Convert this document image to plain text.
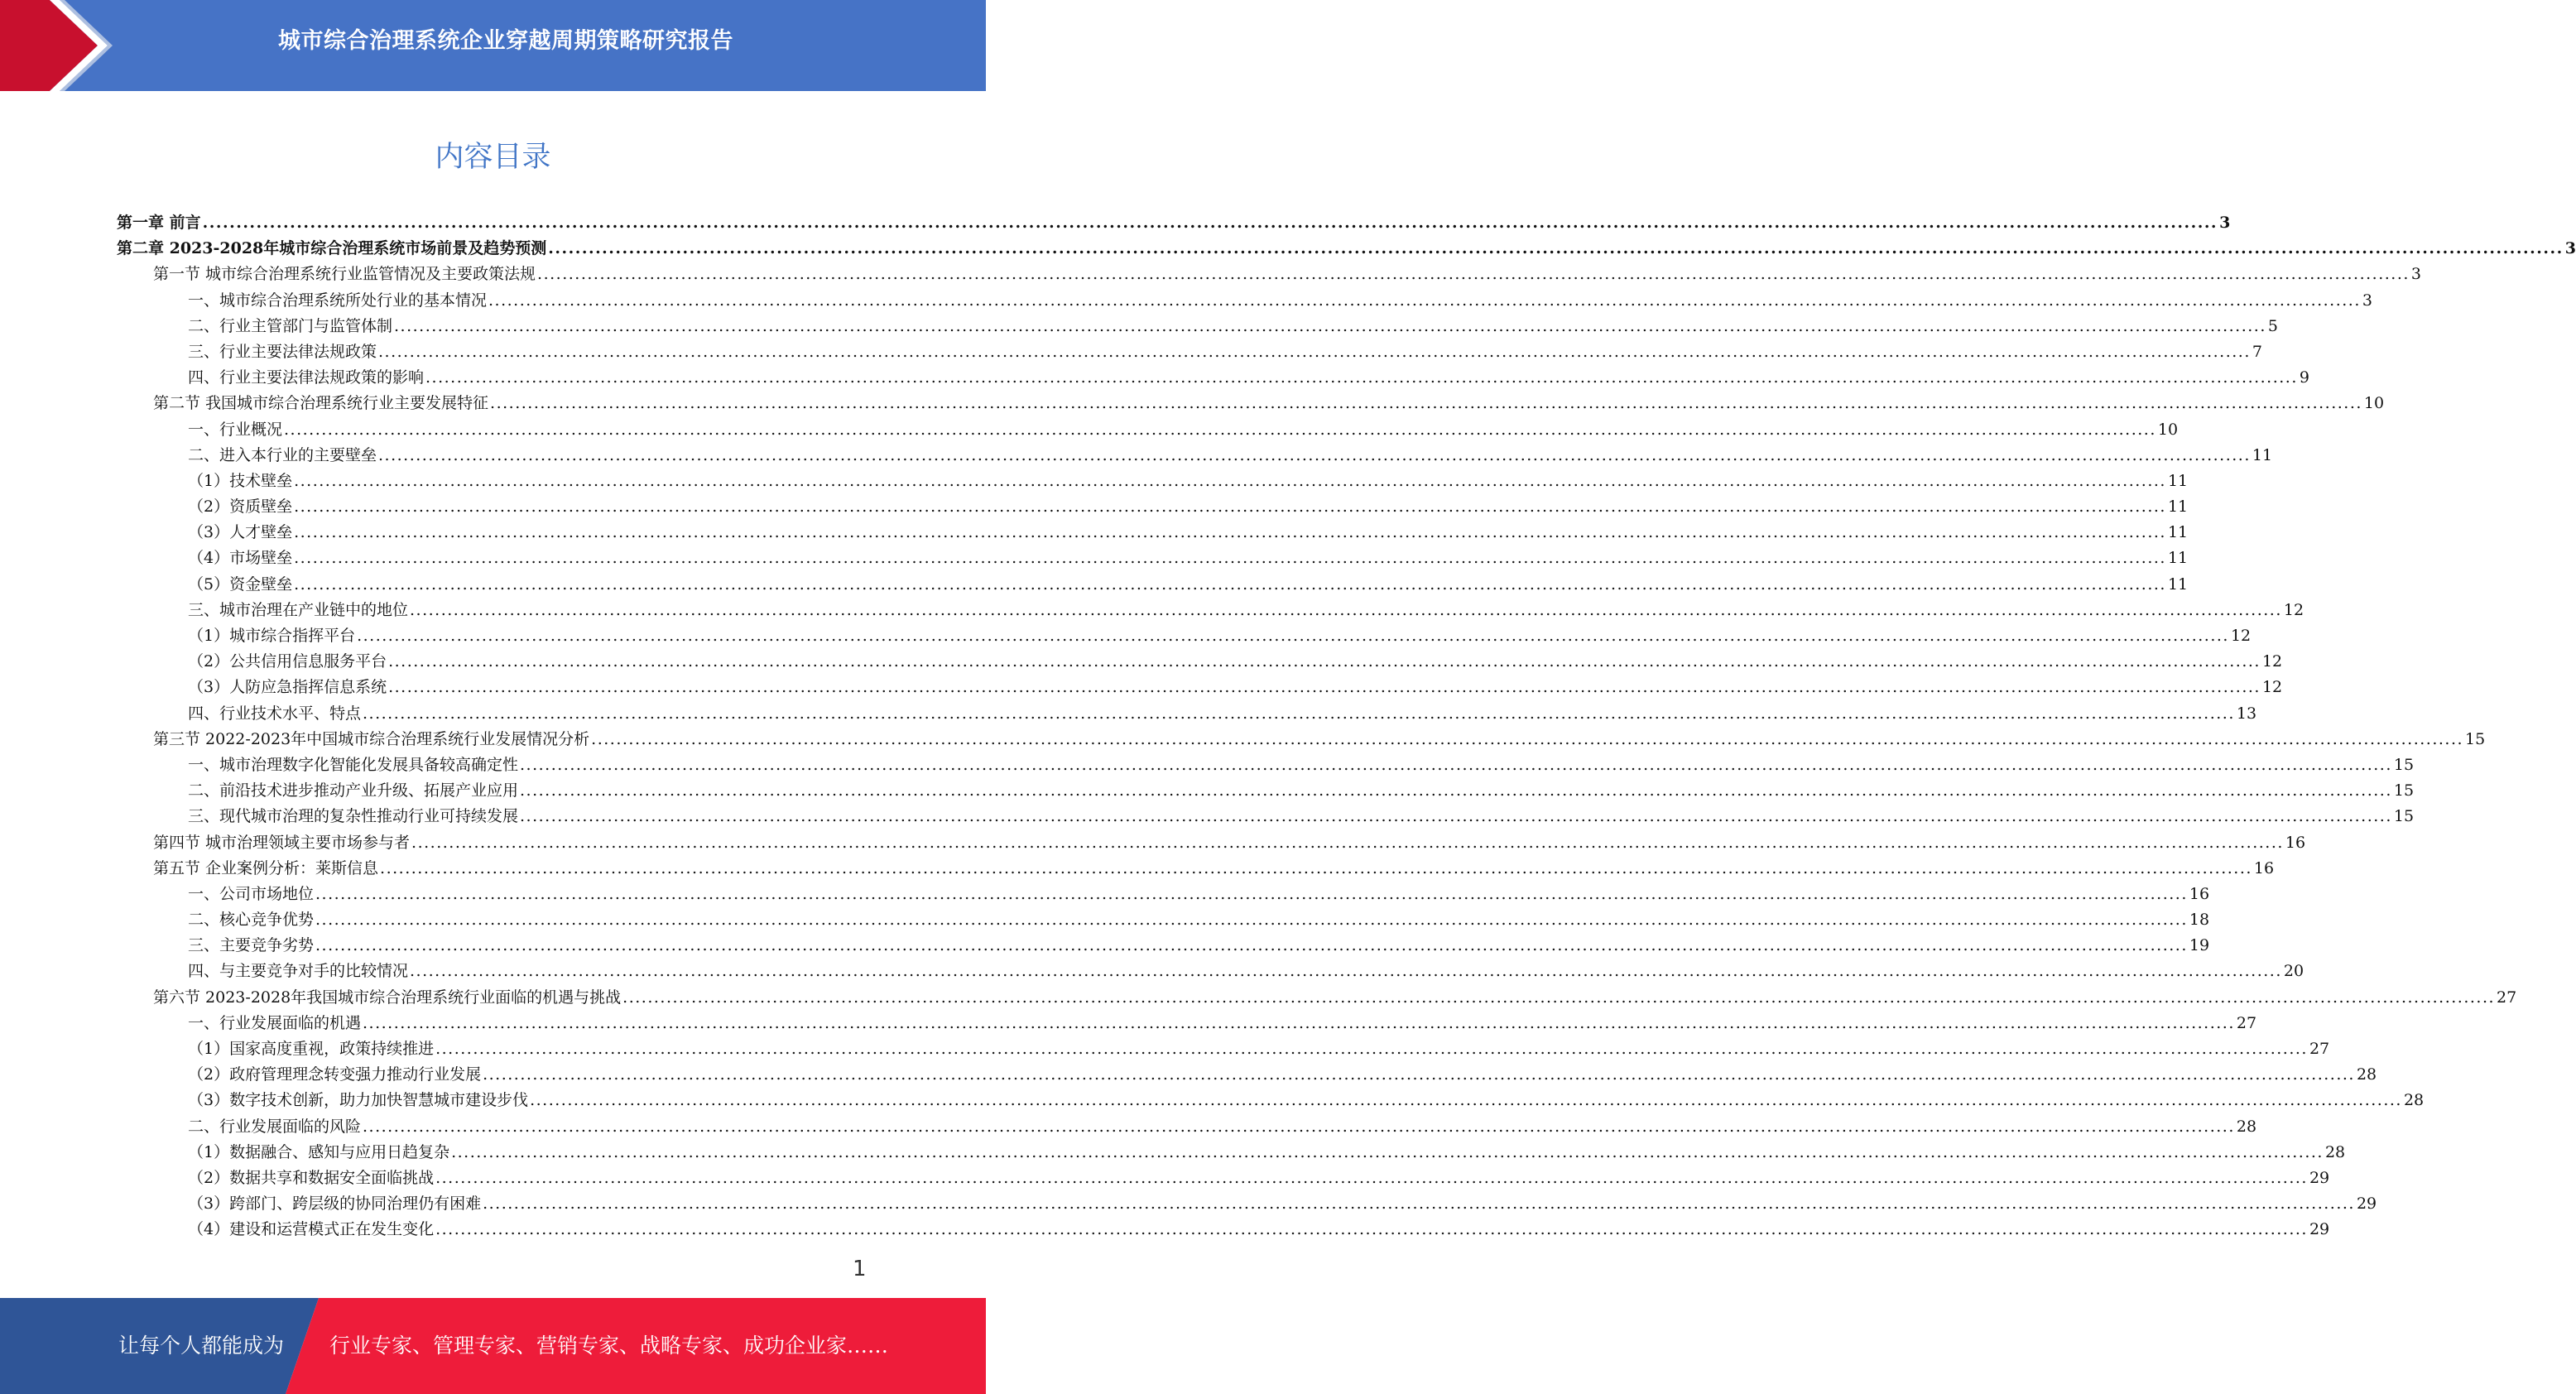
城市综合治理系统企业穿越周期策略研究报告
内容目录
第一章 前言 ............................................................................................................................................................................................................................................................................................................ 3
第二章 2023-2028年城市综合治理系统市场前景及趋势预测 ............................................................................................................................................................................................................................................................................................................ 3
第一节 城市综合治理系统行业监管情况及主要政策法规 ............................................................................................................................................................................................................................................................................................................ 3
一、城市综合治理系统所处行业的基本情况 ............................................................................................................................................................................................................................................................................................................ 3
二、行业主管部门与监管体制 ............................................................................................................................................................................................................................................................................................................ 5
三、行业主要法律法规政策 ............................................................................................................................................................................................................................................................................................................ 7
四、行业主要法律法规政策的影响 ............................................................................................................................................................................................................................................................................................................ 9
第二节 我国城市综合治理系统行业主要发展特征 ............................................................................................................................................................................................................................................................................................................ 10
一、行业概况 ............................................................................................................................................................................................................................................................................................................ 10
二、进入本行业的主要壁垒 ............................................................................................................................................................................................................................................................................................................ 11
（1）技术壁垒 ............................................................................................................................................................................................................................................................................................................ 11
（2）资质壁垒 ............................................................................................................................................................................................................................................................................................................ 11
（3）人才壁垒 ............................................................................................................................................................................................................................................................................................................ 11
（4）市场壁垒 ............................................................................................................................................................................................................................................................................................................ 11
（5）资金壁垒 ............................................................................................................................................................................................................................................................................................................ 11
三、城市治理在产业链中的地位 ............................................................................................................................................................................................................................................................................................................ 12
（1）城市综合指挥平台 ............................................................................................................................................................................................................................................................................................................ 12
（2）公共信用信息服务平台 ............................................................................................................................................................................................................................................................................................................ 12
（3）人防应急指挥信息系统 ............................................................................................................................................................................................................................................................................................................ 12
四、行业技术水平、特点 ............................................................................................................................................................................................................................................................................................................ 13
第三节 2022-2023年中国城市综合治理系统行业发展情况分析 ............................................................................................................................................................................................................................................................................................................ 15
一、城市治理数字化智能化发展具备较高确定性 ............................................................................................................................................................................................................................................................................................................ 15
二、前沿技术进步推动产业升级、拓展产业应用 ............................................................................................................................................................................................................................................................................................................ 15
三、现代城市治理的复杂性推动行业可持续发展 ............................................................................................................................................................................................................................................................................................................ 15
第四节 城市治理领域主要市场参与者 ............................................................................................................................................................................................................................................................................................................ 16
第五节 企业案例分析：莱斯信息 ............................................................................................................................................................................................................................................................................................................ 16
一、公司市场地位 ............................................................................................................................................................................................................................................................................................................ 16
二、核心竞争优势 ............................................................................................................................................................................................................................................................................................................ 18
三、主要竞争劣势 ............................................................................................................................................................................................................................................................................................................ 19
四、与主要竞争对手的比较情况 ............................................................................................................................................................................................................................................................................................................ 20
第六节 2023-2028年我国城市综合治理系统行业面临的机遇与挑战 ............................................................................................................................................................................................................................................................................................................ 27
一、行业发展面临的机遇 ............................................................................................................................................................................................................................................................................................................ 27
（1）国家高度重视，政策持续推进 ............................................................................................................................................................................................................................................................................................................ 27
（2）政府管理理念转变强力推动行业发展 ............................................................................................................................................................................................................................................................................................................ 28
（3）数字技术创新，助力加快智慧城市建设步伐 ............................................................................................................................................................................................................................................................................................................ 28
二、行业发展面临的风险 ............................................................................................................................................................................................................................................................................................................ 28
（1）数据融合、感知与应用日趋复杂 ............................................................................................................................................................................................................................................................................................................ 28
（2）数据共享和数据安全面临挑战 ............................................................................................................................................................................................................................................................................................................ 29
（3）跨部门、跨层级的协同治理仍有困难 ............................................................................................................................................................................................................................................................................................................ 29
（4）建设和运营模式正在发生变化 ............................................................................................................................................................................................................................................................................................................ 29
1
让每个人都能成为 行业专家、管理专家、营销专家、战略专家、成功企业家……
